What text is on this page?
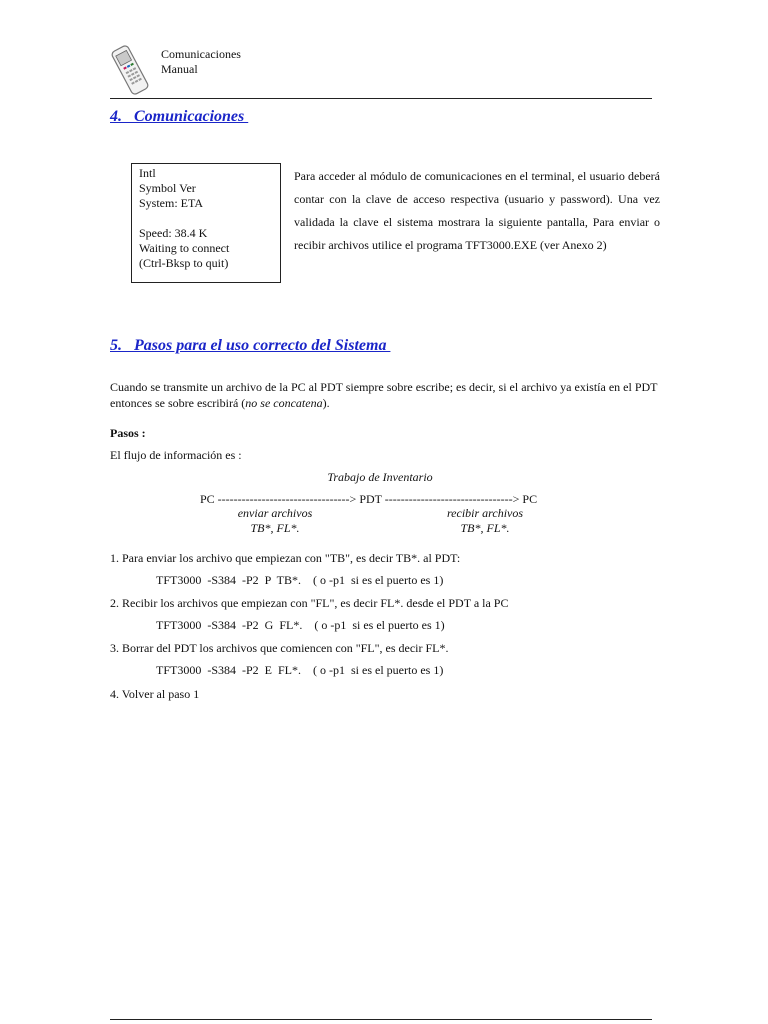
Comunicaciones
Manual
4.   Comunicaciones
Intl
Symbol Ver
System: ETA
Speed: 38.4 K
Waiting to connect
(Ctrl-Bksp to quit)
Para acceder al módulo de comunicaciones en el terminal, el usuario deberá contar con la clave de acceso respectiva (usuario y password). Una vez validada la clave el sistema mostrara la siguiente pantalla, Para enviar o recibir archivos utilice el programa TFT3000.EXE (ver Anexo 2)
5.   Pasos para el uso correcto del Sistema
Cuando se transmite un archivo de la PC al PDT siempre sobre escribe; es decir, si el archivo ya existía en el PDT entonces se sobre escribirá (no se concatena).
Pasos :
El flujo de información es :
Trabajo de Inventario
PC ---------------------------------> PDT --------------------------------> PC
enviar archivos
TB*, FL*.
recibir archivos
TB*, FL*.
1. Para enviar los archivo que empiezan con "TB", es decir TB*. al PDT:
TFT3000  -S384  -P2  P  TB*.    ( o -p1  si es el puerto es 1)
2. Recibir los archivos que empiezan con "FL", es decir FL*. desde el PDT a la PC
TFT3000  -S384  -P2  G  FL*.    ( o -p1  si es el puerto es 1)
3. Borrar del PDT los archivos que comiencen con "FL", es decir FL*.
TFT3000  -S384  -P2  E  FL*.    ( o -p1  si es el puerto es 1)
4. Volver al paso 1
